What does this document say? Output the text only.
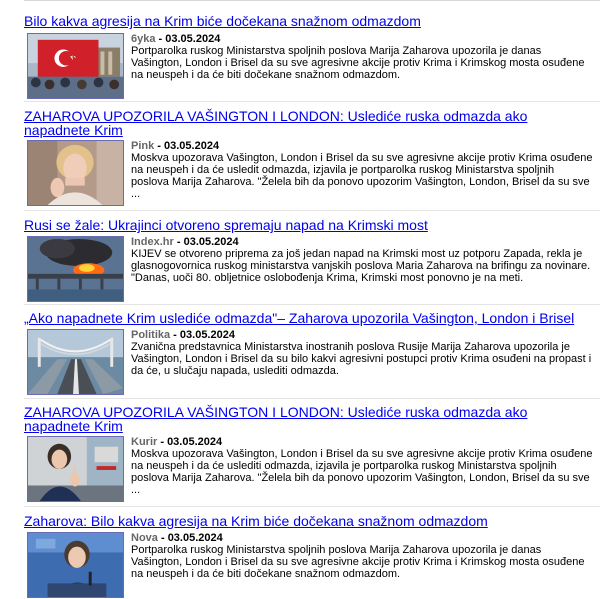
Bilo kakva agresija na Krim biće dočekana snažnom odmazdom
6yka - 03.05.2024

Portparolka ruskog Ministarstva spoljnih poslova Marija Zaharova upozorila je danas Vašington, London i Brisel da su sve agresivne akcije protiv Krima i Krimskog mosta osuđene na neuspeh i da će biti dočekane snažnom odmazdom.

ZAHAROVA UPOZORILA VAŠINGTON I LONDON: Uslediće ruska odmazda ako napadnete Krim
Pink - 03.05.2024

Moskva upozorava Vašington, London i Brisel da su sve agresivne akcije protiv Krima osuđene na neuspeh i da će usledit odmazda, izjavila je portparolka ruskog Ministarstva spoljnih poslova Marija Zaharova. "Želela bih da ponovo upozorim Vašington, London, Brisel da su sve ...

Rusi se žale: Ukrajinci otvoreno spremaju napad na Krimski most
Index.hr - 03.05.2024

KIJEV se otvoreno priprema za još jedan napad na Krimski most uz potporu Zapada, rekla je glasnogovornica ruskog ministarstva vanjskih poslova Maria Zaharova na brifingu za novinare. "Danas, uoči 80. obljetnice oslobođenja Krima, Krimski most ponovno je na meti.

„Ako napadnete Krim uslediće odmazda"– Zaharova upozorila Vašington, London i Brisel
Politika - 03.05.2024

Zvanična predstavnica Ministarstva inostranih poslova Rusije Marija Zaharova upozorila je Vašington, London i Brisel da su bilo kakvi agresivni postupci protiv Krima osuđeni na propast i da će, u slučaju napada, uslediti odmazda.

ZAHAROVA UPOZORILA VAŠINGTON I LONDON: Uslediće ruska odmazda ako napadnete Krim
Kurir - 03.05.2024

Moskva upozorava Vašington, London i Brisel da su sve agresivne akcije protiv Krima osuđene na neuspeh i da će uslediti odmazda, izjavila je portparolka ruskog Ministarstva spoljnih poslova Marija Zaharova. "Želela bih da ponovo upozorim Vašington, London, Brisel da su sve ...

Zaharova: Bilo kakva agresija na Krim biće dočekana snažnom odmazdom
Nova - 03.05.2024

Portparolka ruskog Ministarstva spoljnih poslova Marija Zaharova upozorila je danas Vašington, London i Brisel da su sve agresivne akcije protiv Krima i Krimskog mosta osuđene na neuspeh i da će biti dočekane snažnom odmazdom.
